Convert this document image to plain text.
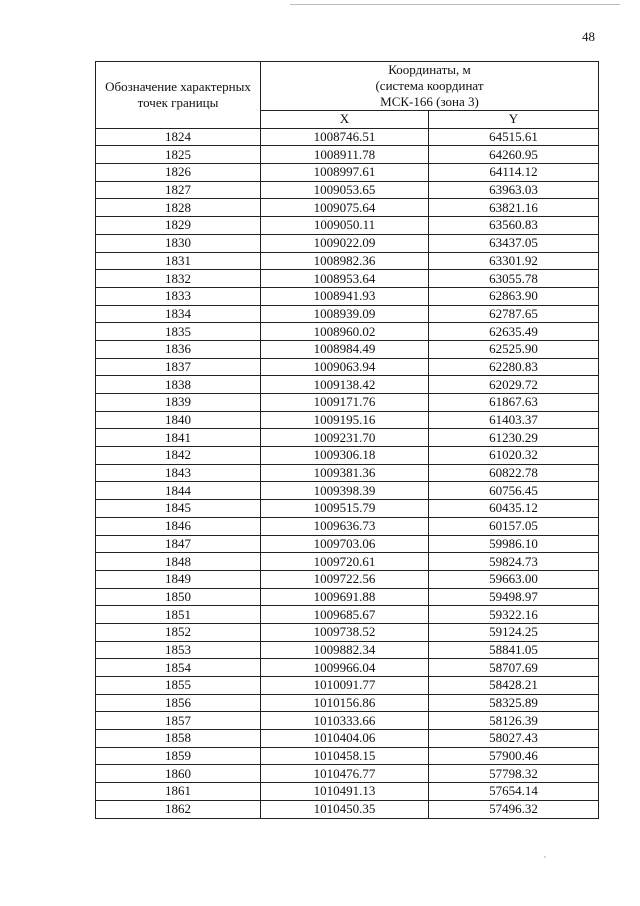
48
Обозначение характерных точек границы	Координаты, м
(система координат
МСК-166 (зона 3)	

	X	Y
1824	1008746.51	64515.61
1825	1008911.78	64260.95
1826	1008997.61	64114.12
1827	1009053.65	63963.03
1828	1009075.64	63821.16
1829	1009050.11	63560.83
1830	1009022.09	63437.05
1831	1008982.36	63301.92
1832	1008953.64	63055.78
1833	1008941.93	62863.90
1834	1008939.09	62787.65
1835	1008960.02	62635.49
1836	1008984.49	62525.90
1837	1009063.94	62280.83
1838	1009138.42	62029.72
1839	1009171.76	61867.63
1840	1009195.16	61403.37
1841	1009231.70	61230.29
1842	1009306.18	61020.32
1843	1009381.36	60822.78
1844	1009398.39	60756.45
1845	1009515.79	60435.12
1846	1009636.73	60157.05
1847	1009703.06	59986.10
1848	1009720.61	59824.73
1849	1009722.56	59663.00
1850	1009691.88	59498.97
1851	1009685.67	59322.16
1852	1009738.52	59124.25
1853	1009882.34	58841.05
1854	1009966.04	58707.69
1855	1010091.77	58428.21
1856	1010156.86	58325.89
1857	1010333.66	58126.39
1858	1010404.06	58027.43
1859	1010458.15	57900.46
1860	1010476.77	57798.32
1861	1010491.13	57654.14
1862	1010450.35	57496.32
